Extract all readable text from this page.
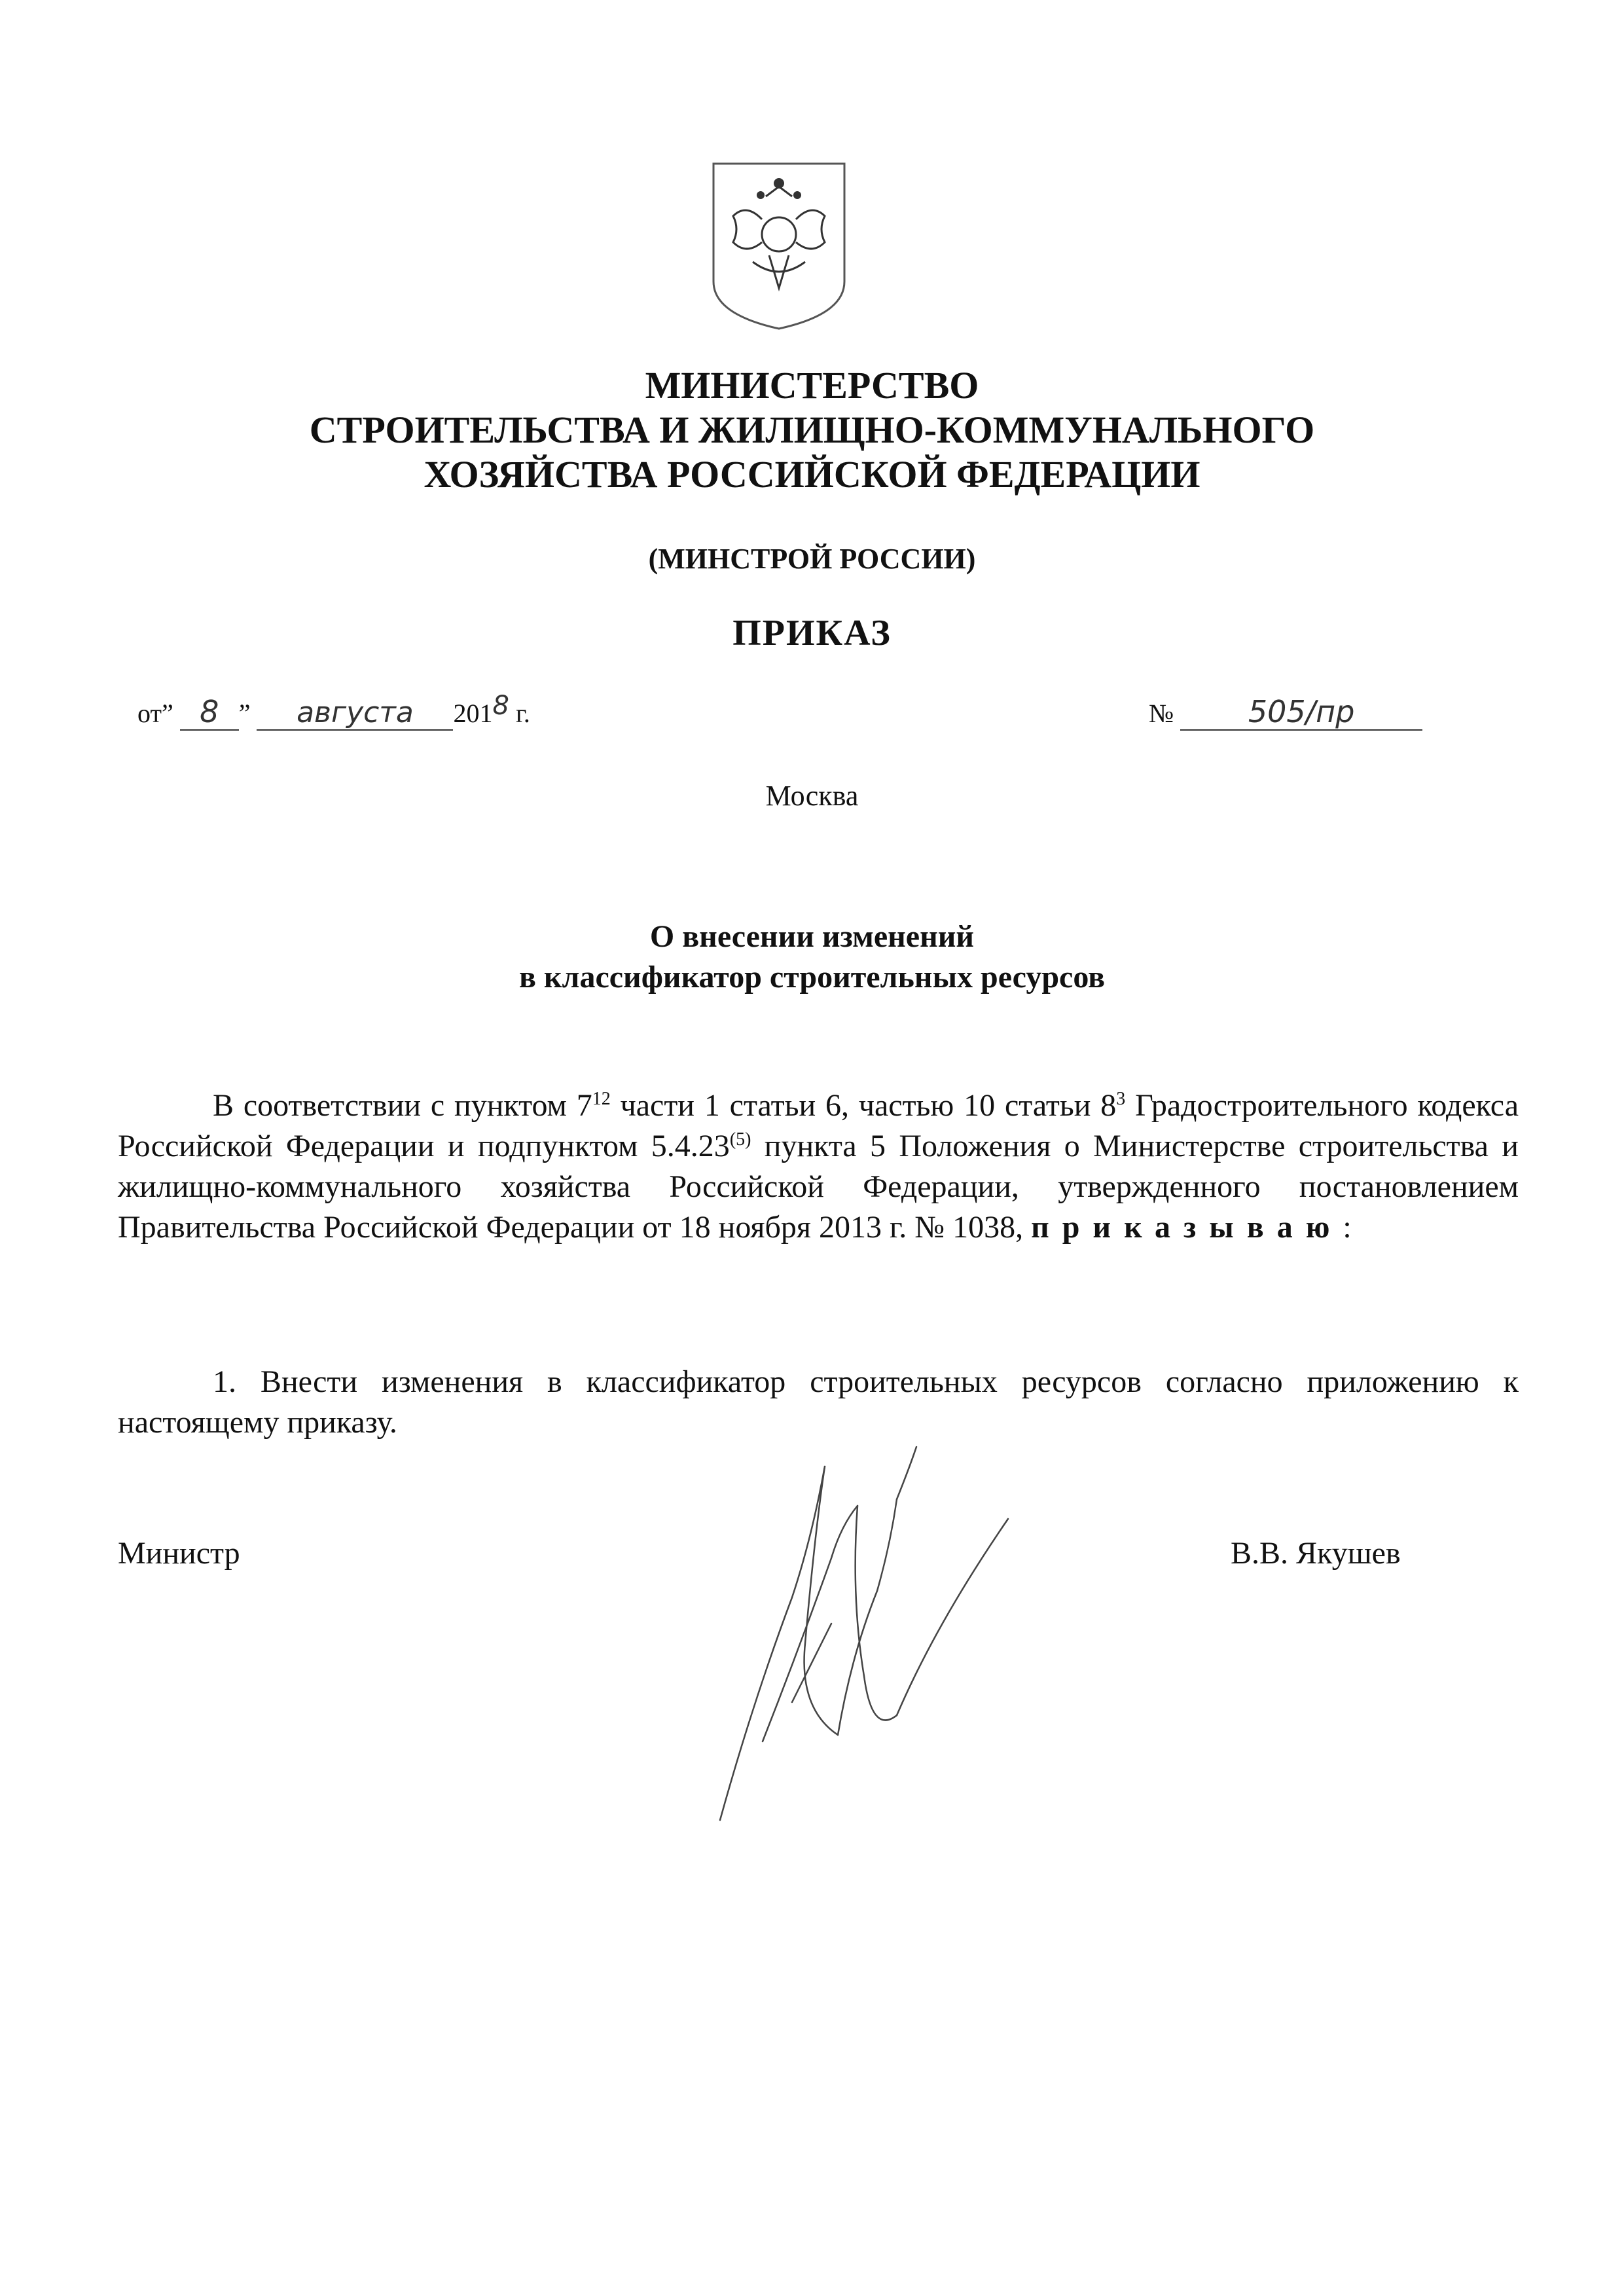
МИНИСТЕРСТВО
СТРОИТЕЛЬСТВА И ЖИЛИЩНО-КОММУНАЛЬНОГО
ХОЗЯЙСТВА РОССИЙСКОЙ ФЕДЕРАЦИИ
(МИНСТРОЙ РОССИИ)
ПРИКАЗ
от” 8 ” августа 2018 г.	№ 505/пр
Москва
О внесении изменений
в классификатор строительных ресурсов
В соответствии с пунктом $7^{12}$ части 1 статьи 6, частью 10 статьи $8^3$ Градостроительного кодекса Российской Федерации и подпунктом 5.4.23$^{(5)}$ пункта 5 Положения о Министерстве строительства и жилищно-коммунального хозяйства Российской Федерации, утвержденного постановлением Правительства Российской Федерации от 18 ноября 2013 г. № 1038, приказываю:
1. Внести изменения в классификатор строительных ресурсов согласно приложению к настоящему приказу.
Министр	В.В. Якушев
